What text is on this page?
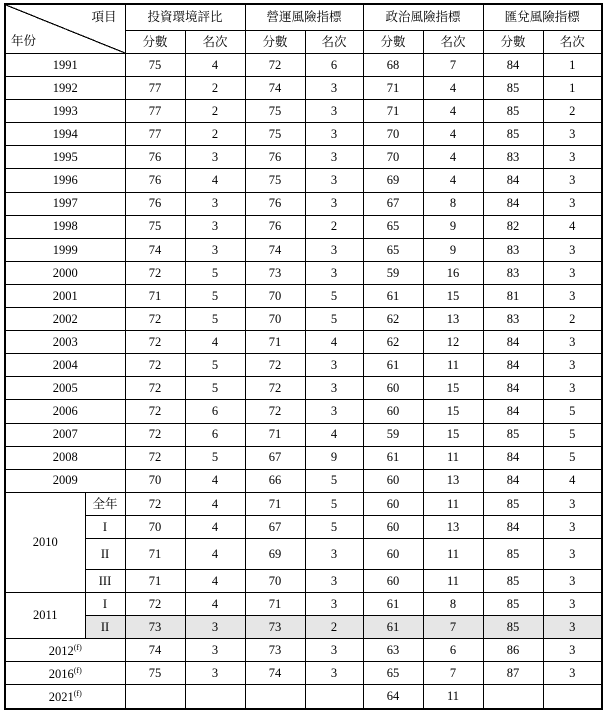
項目
年份		投資環境評比		營運風險指標		政治風險指標		匯兌風險指標	
		分數	名次	分數	名次	分數	名次	分數	名次
1991		75	4	72	6	68	7	84	1
1992		77	2	74	3	71	4	85	1
1993		77	2	75	3	71	4	85	2
1994		77	2	75	3	70	4	85	3
1995		76	3	76	3	70	4	83	3
1996		76	4	75	3	69	4	84	3
1997		76	3	76	3	67	8	84	3
1998		75	3	76	2	65	9	82	4
1999		74	3	74	3	65	9	83	3
2000		72	5	73	3	59	16	83	3
2001		71	5	70	5	61	15	81	3
2002		72	5	70	5	62	13	83	2
2003		72	4	71	4	62	12	84	3
2004		72	5	72	3	61	11	84	3
2005		72	5	72	3	60	15	84	3
2006		72	6	72	3	60	15	84	5
2007		72	6	71	4	59	15	85	5
2008		72	5	67	9	61	11	84	5
2009		70	4	66	5	60	13	84	4
2010	全年	72	4	71	5	60	11	85	3
	I	70	4	67	5	60	13	84	3
	II	71	4	69	3	60	11	85	3
	III	71	4	70	3	60	11	85	3
2011	I	72	4	71	3	61	8	85	3
	II	73	3	73	2	61	7	85	3
2012$^{(f)}$		74	3	73	3	63	6	86	3
2016$^{(f)}$		75	3	74	3	65	7	87	3
2021$^{(f)}$						64	11		
